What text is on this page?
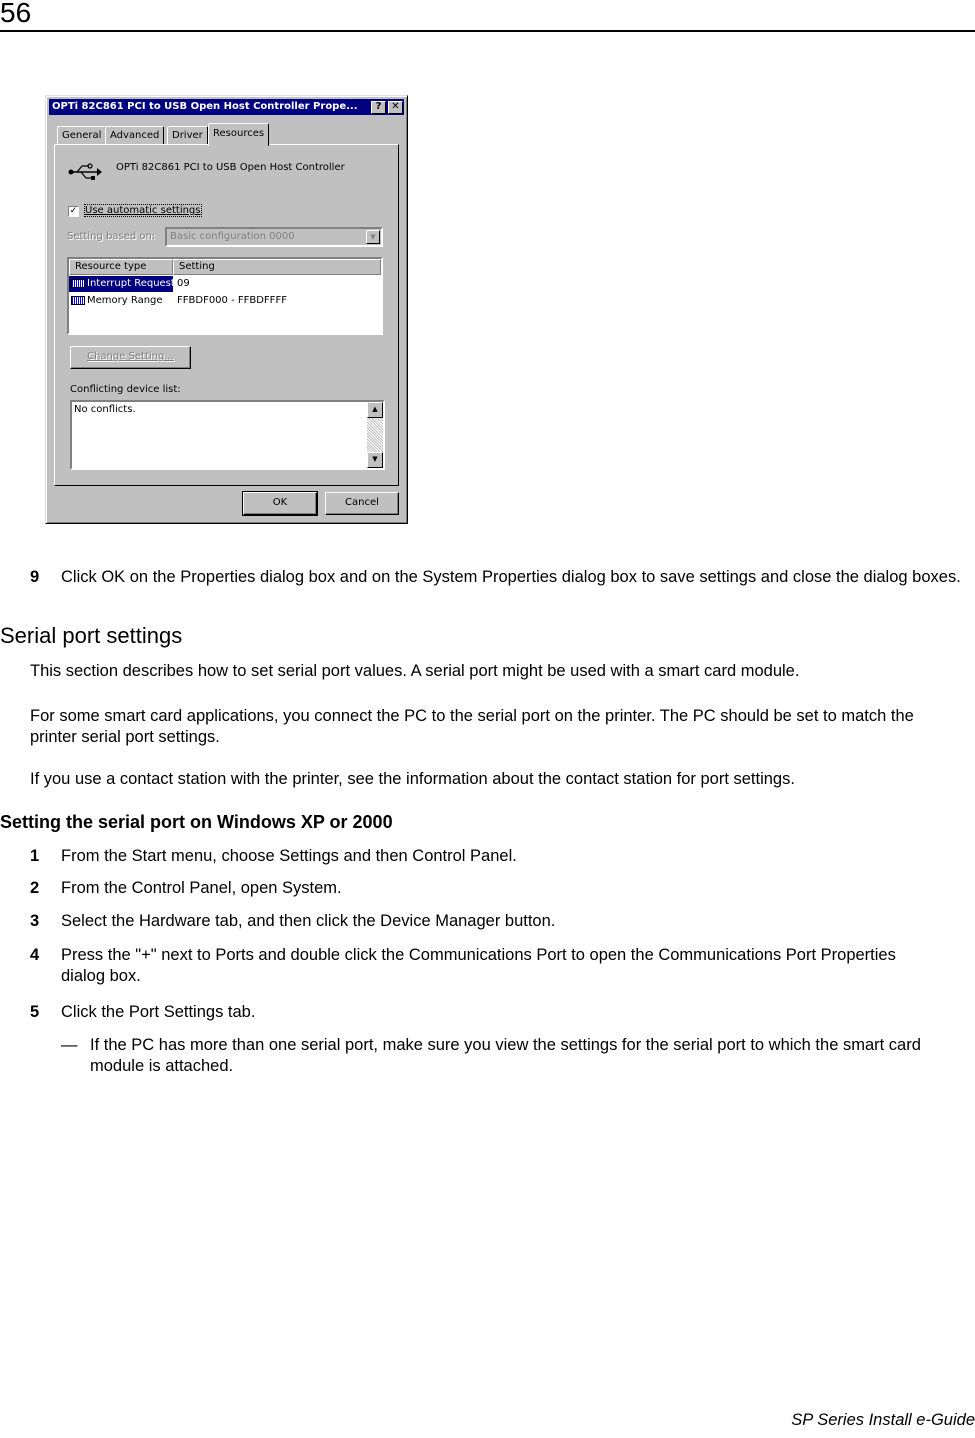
56
OPTi 82C861 PCI to USB Open Host Controller Prope...	? ✕
General Advanced	Driver	Resources
OPTi 82C861 PCI to USB Open Host Controller
✓ Use automatic settings
Setting based on: Basic configuration 0000	▼
Resource type	Setting
Interrupt Request 09
Memory Range	FFBDF000 - FFBDFFFF
Change Setting...
Conflicting device list:
No conflicts.	▲
▼
OK	Cancel
9 Click OK on the Properties dialog box and on the System Properties dialog box to save settings and close the dialog boxes.
Serial port settings
This section describes how to set serial port values. A serial port might be used with a smart card module.
For some smart card applications, you connect the PC to the serial port on the printer. The PC should be set to match the printer serial port settings.
If you use a contact station with the printer, see the information about the contact station for port settings.
Setting the serial port on Windows XP or 2000
1 From the Start menu, choose Settings and then Control Panel.
2 From the Control Panel, open System.
3 Select the Hardware tab, and then click the Device Manager button.
4 Press the "+" next to Ports and double click the Communications Port to open the Communications Port Properties dialog box.
5 Click the Port Settings tab.
— If the PC has more than one serial port, make sure you view the settings for the serial port to which the smart card module is attached.
SP Series Install e-Guide
